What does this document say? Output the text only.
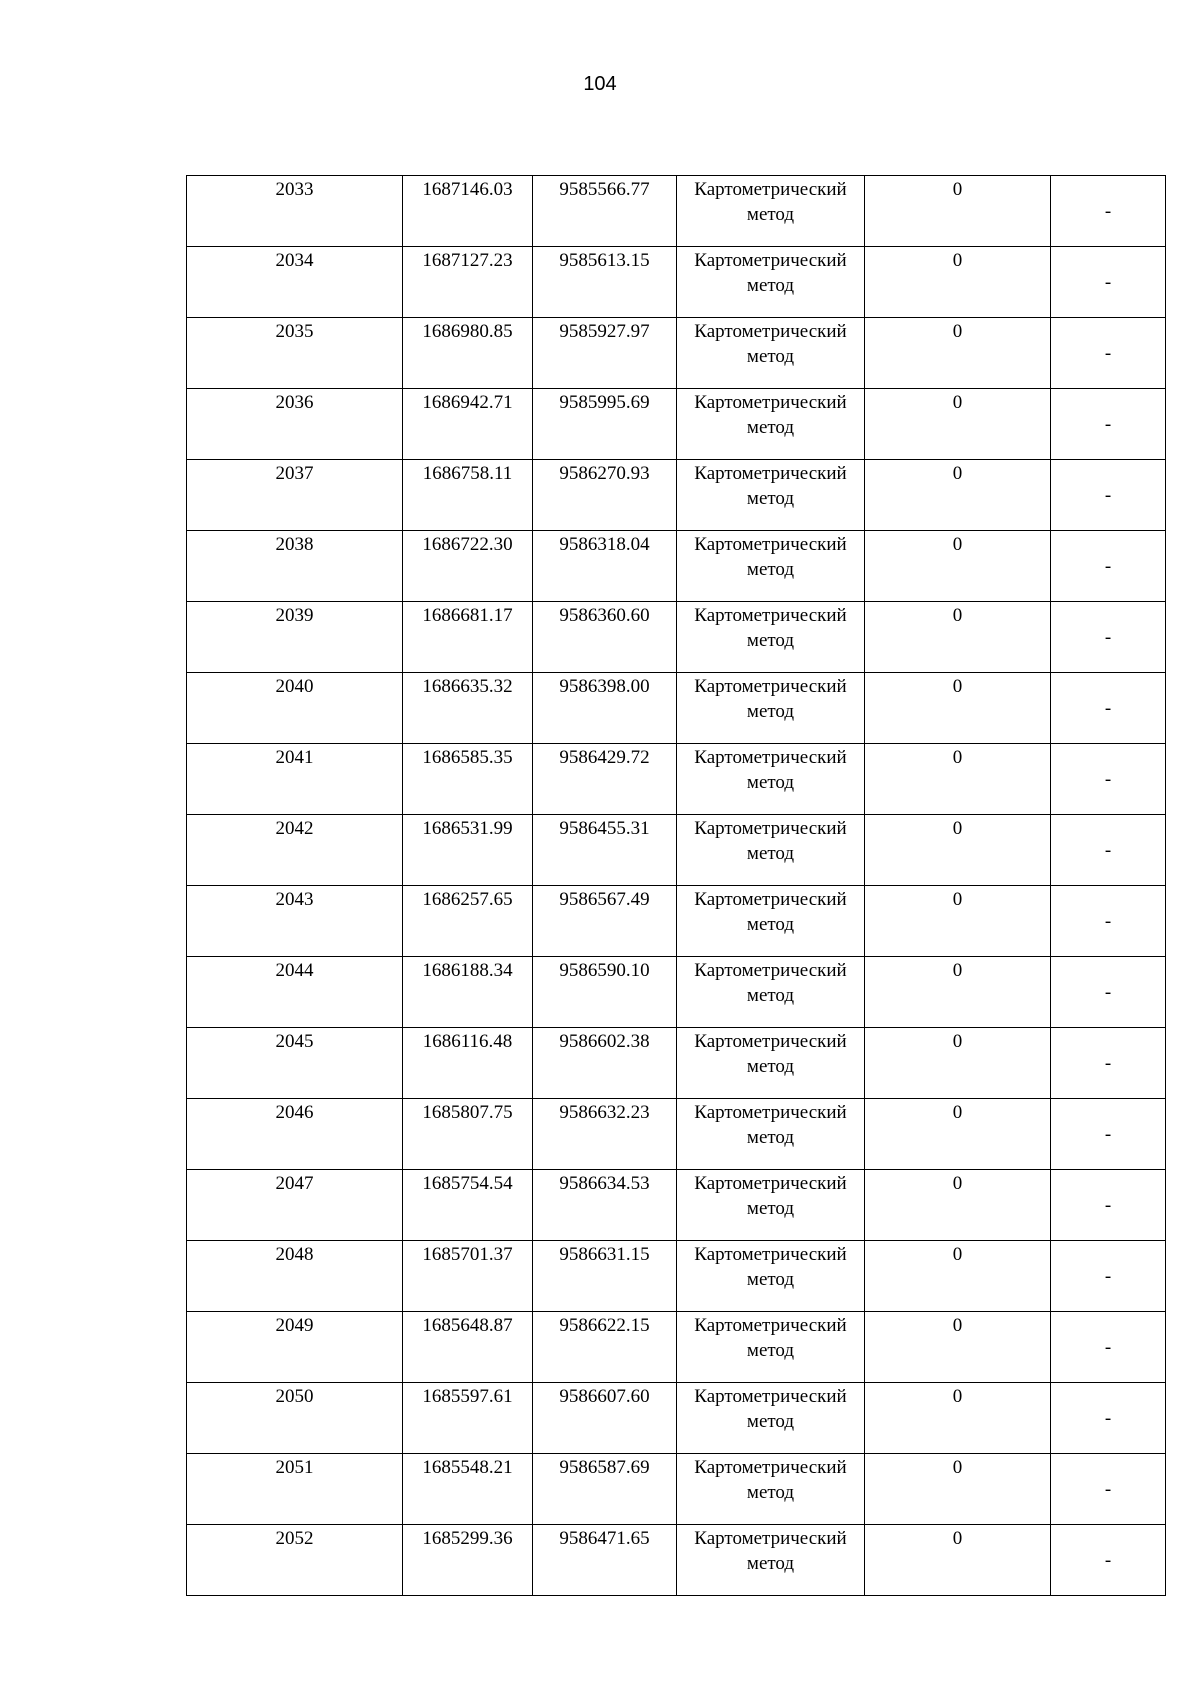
104
2033	1687146.03	9585566.77	Картометрический метод	0	-

2034	1687127.23	9585613.15	Картометрический метод	0	-

2035	1686980.85	9585927.97	Картометрический метод	0	-

2036	1686942.71	9585995.69	Картометрический метод	0	-

2037	1686758.11	9586270.93	Картометрический метод	0	-

2038	1686722.30	9586318.04	Картометрический метод	0	-

2039	1686681.17	9586360.60	Картометрический метод	0	-

2040	1686635.32	9586398.00	Картометрический метод	0	-

2041	1686585.35	9586429.72	Картометрический метод	0	-

2042	1686531.99	9586455.31	Картометрический метод	0	-

2043	1686257.65	9586567.49	Картометрический метод	0	-

2044	1686188.34	9586590.10	Картометрический метод	0	-

2045	1686116.48	9586602.38	Картометрический метод	0	-

2046	1685807.75	9586632.23	Картометрический метод	0	-

2047	1685754.54	9586634.53	Картометрический метод	0	-

2048	1685701.37	9586631.15	Картометрический метод	0	-

2049	1685648.87	9586622.15	Картометрический метод	0	-

2050	1685597.61	9586607.60	Картометрический метод	0	-

2051	1685548.21	9586587.69	Картометрический метод	0	-

2052	1685299.36	9586471.65	Картометрический метод	0	-
